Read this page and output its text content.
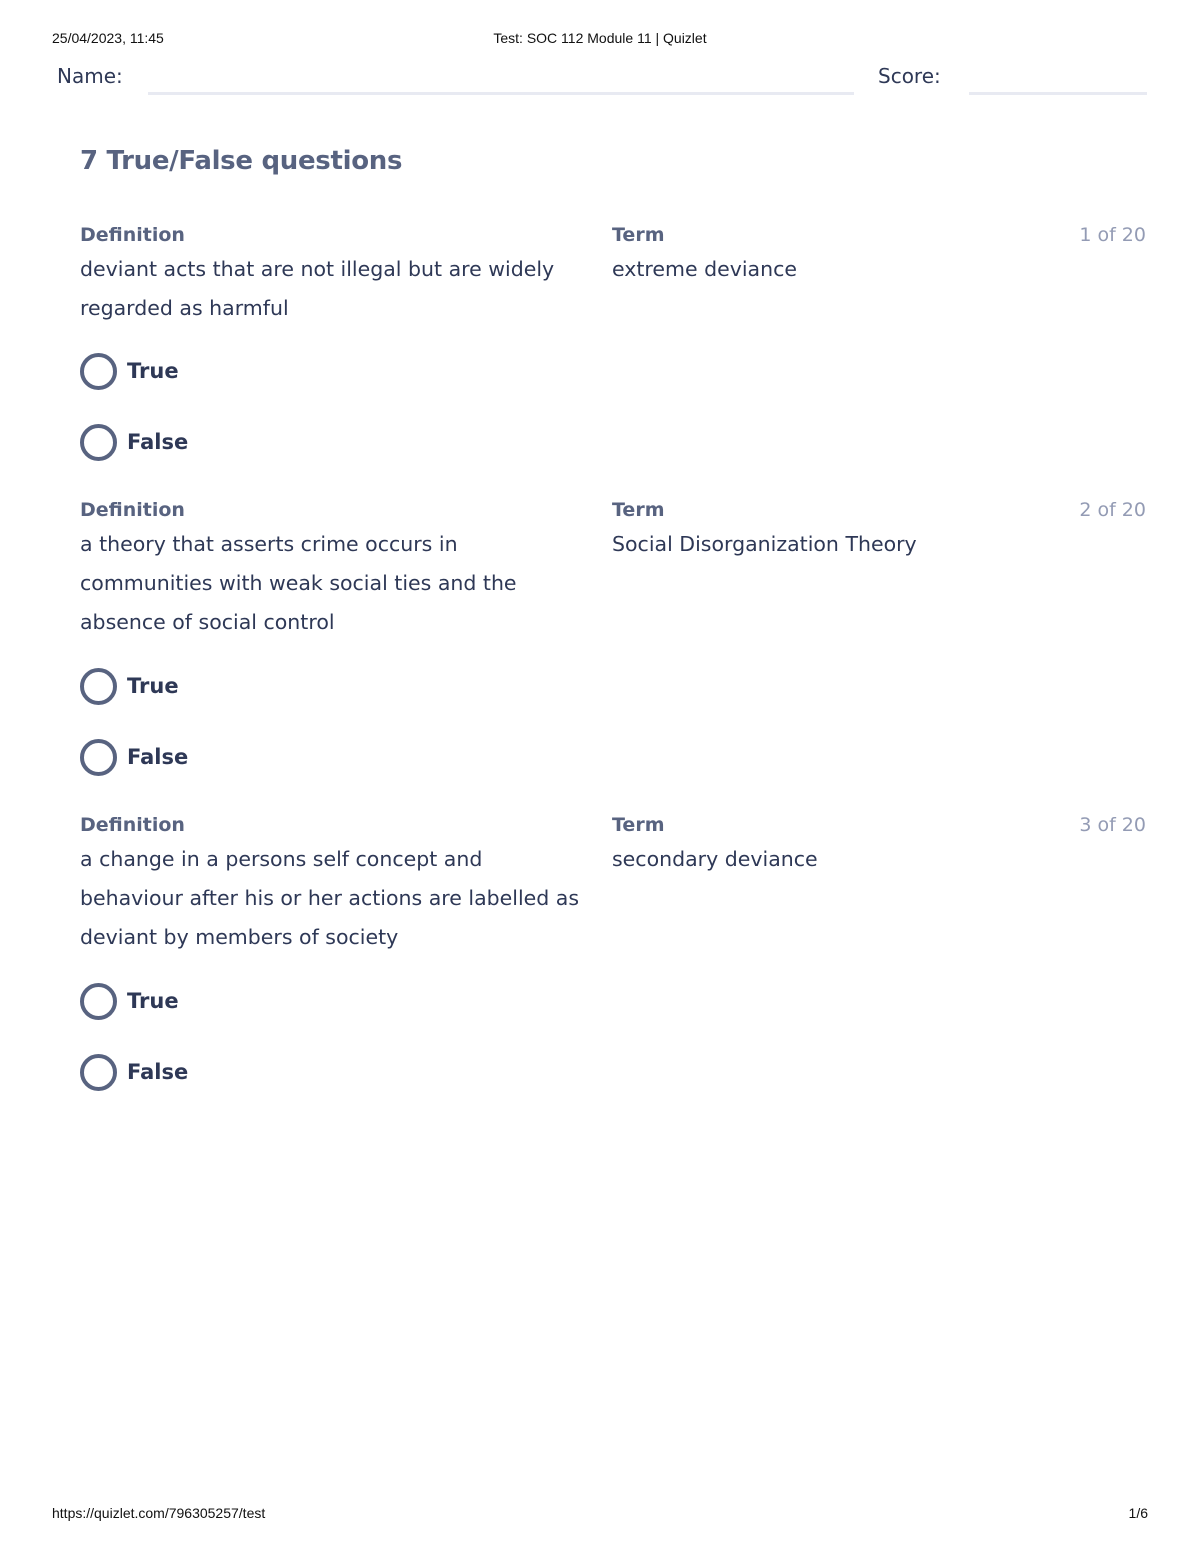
25/04/2023, 11:45	Test: SOC 112 Module 11 | Quizlet
Name:	Score:
7 True/False questions
Definition	Term	1 of 20
deviant acts that are not illegal but are widely regarded as harmful
extreme deviance
True
False
Definition	Term	2 of 20
a theory that asserts crime occurs in communities with weak social ties and the absence of social control
Social Disorganization Theory
True
False
Definition	Term	3 of 20
a change in a persons self concept and behaviour after his or her actions are labelled as deviant by members of society
secondary deviance
True
False
https://quizlet.com/796305257/test	1/6
